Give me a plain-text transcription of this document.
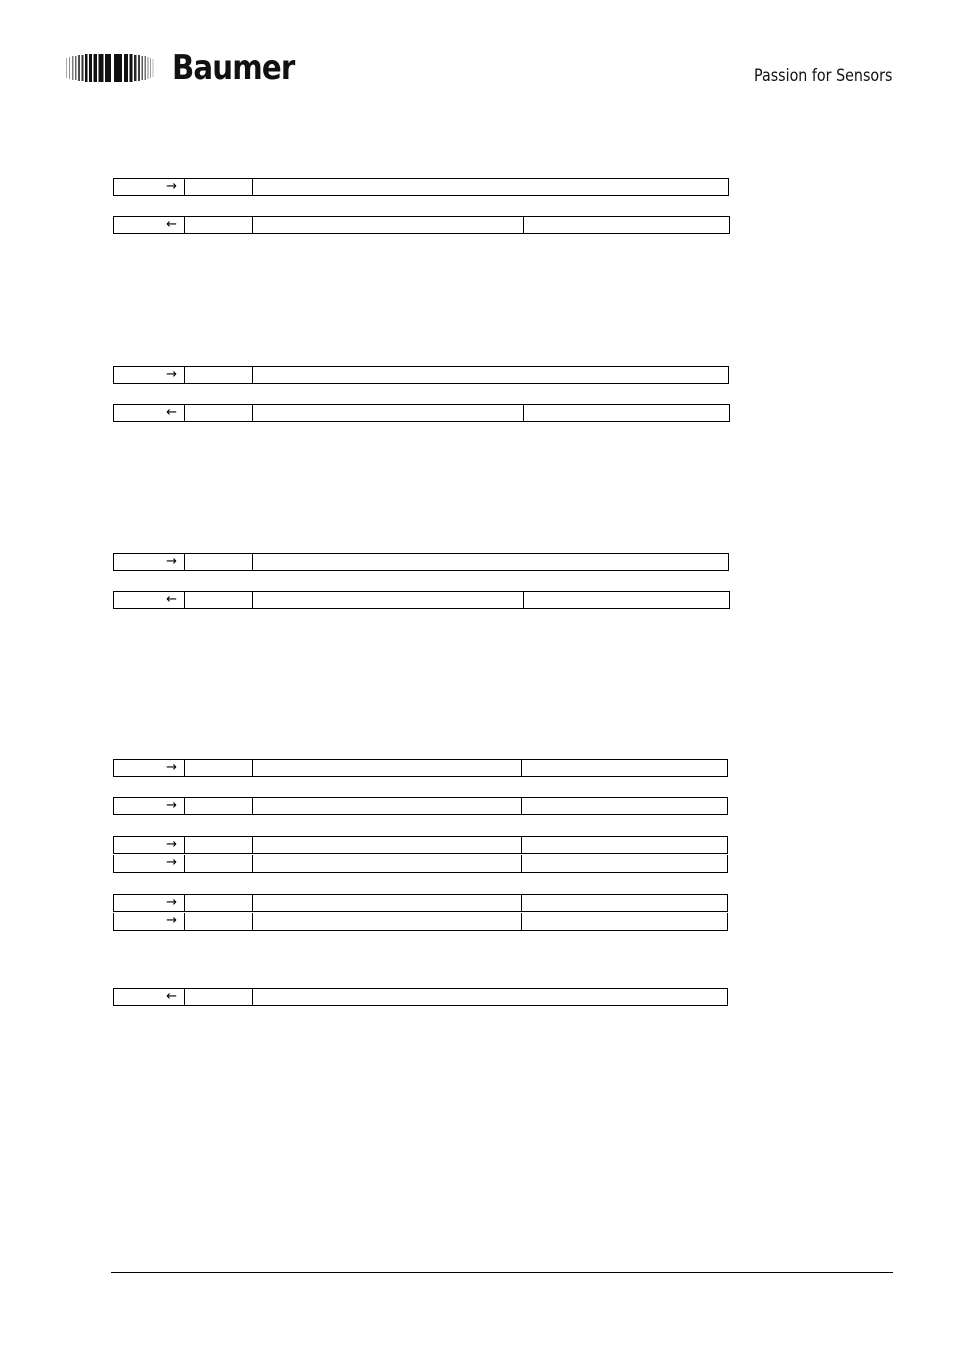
Baumer	Passion for Sensors
→
←
→
←
→
←
→
→
→
→
→
→
←
